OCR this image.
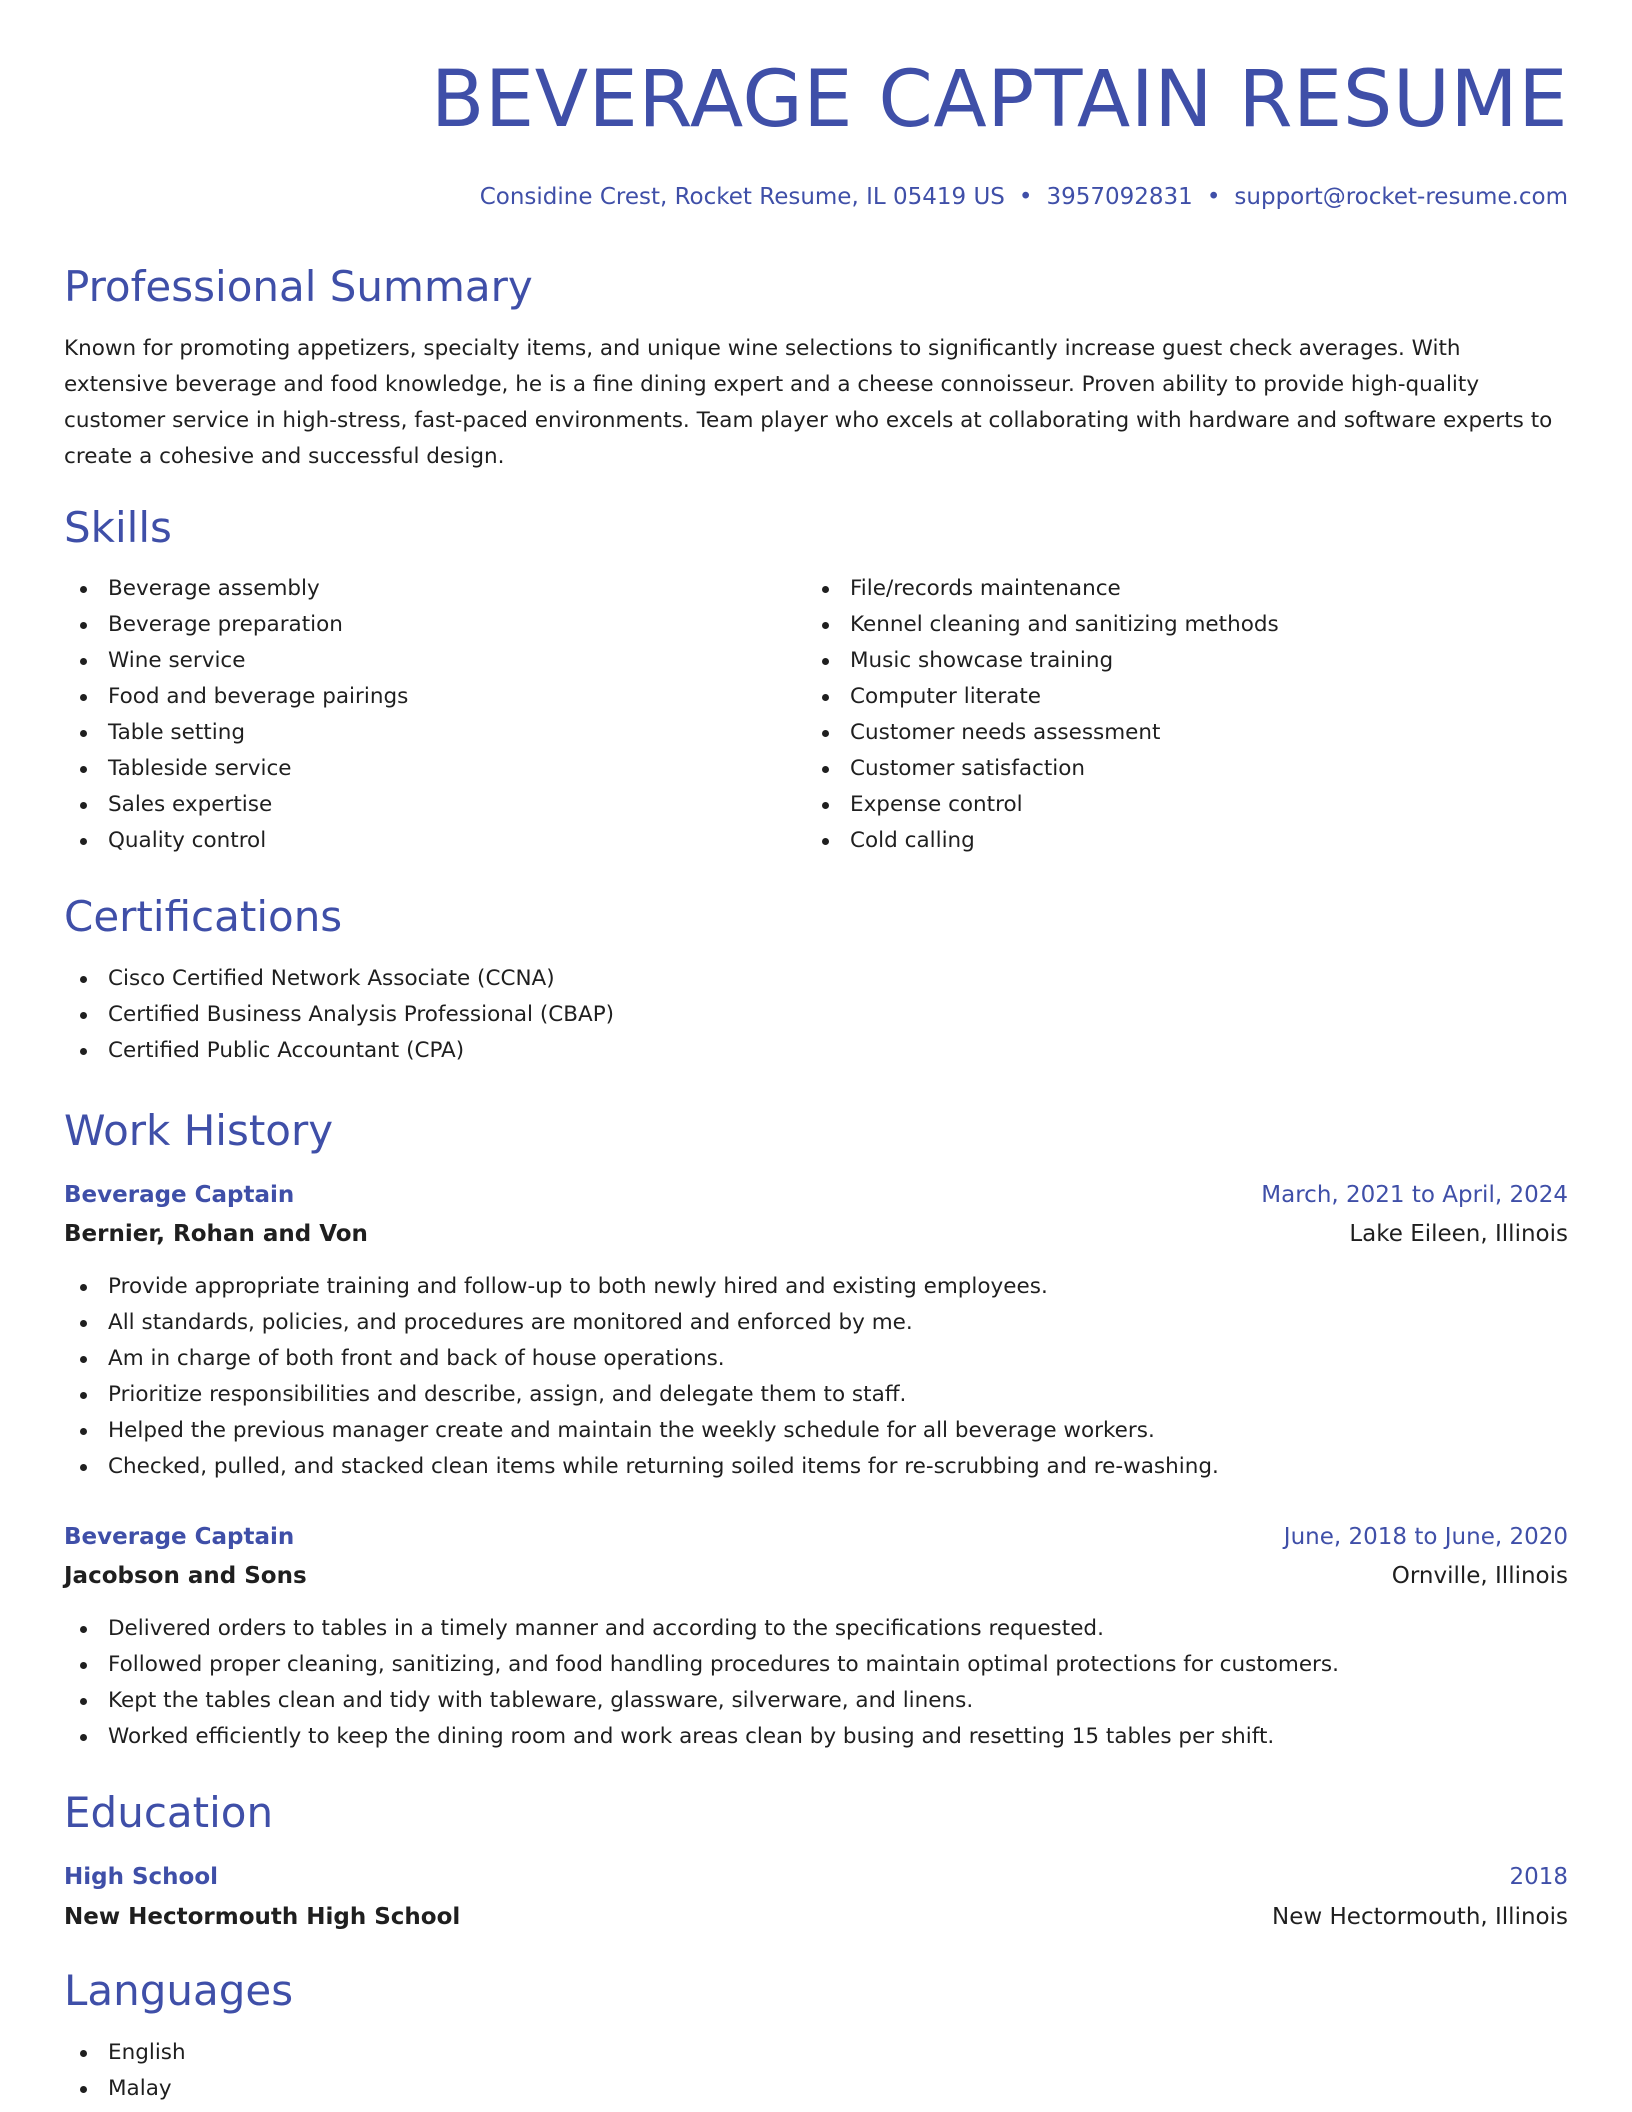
BEVERAGE CAPTAIN RESUME
Considine Crest, Rocket Resume, IL 05419 US • 3957092831 • support@rocket-resume.com
Professional Summary

Known for promoting appetizers, specialty items, and unique wine selections to significantly increase guest check averages. With extensive beverage and food knowledge, he is a fine dining expert and a cheese connoisseur. Proven ability to provide high-quality customer service in high-stress, fast-paced environments. Team player who excels at collaborating with hardware and software experts to create a cohesive and successful design.

Skills
Beverage assembly
Beverage preparation
Wine service
Food and beverage pairings
Table setting
Tableside service
Sales expertise
Quality control
File/records maintenance
Kennel cleaning and sanitizing methods
Music showcase training
Computer literate
Customer needs assessment
Customer satisfaction
Expense control
Cold calling
Certifications
Cisco Certified Network Associate (CCNA)
Certified Business Analysis Professional (CBAP)
Certified Public Accountant (CPA)
Work History
Beverage Captain	March, 2021 to April, 2024
Bernier, Rohan and Von	Lake Eileen, Illinois
Provide appropriate training and follow-up to both newly hired and existing employees.
All standards, policies, and procedures are monitored and enforced by me.
Am in charge of both front and back of house operations.
Prioritize responsibilities and describe, assign, and delegate them to staff.
Helped the previous manager create and maintain the weekly schedule for all beverage workers.
Checked, pulled, and stacked clean items while returning soiled items for re-scrubbing and re-washing.
Beverage Captain	June, 2018 to June, 2020
Jacobson and Sons	Ornville, Illinois
Delivered orders to tables in a timely manner and according to the specifications requested.
Followed proper cleaning, sanitizing, and food handling procedures to maintain optimal protections for customers.
Kept the tables clean and tidy with tableware, glassware, silverware, and linens.
Worked efficiently to keep the dining room and work areas clean by busing and resetting 15 tables per shift.
Education
High School	2018
New Hectormouth High School	New Hectormouth, Illinois
Languages
English
Malay
